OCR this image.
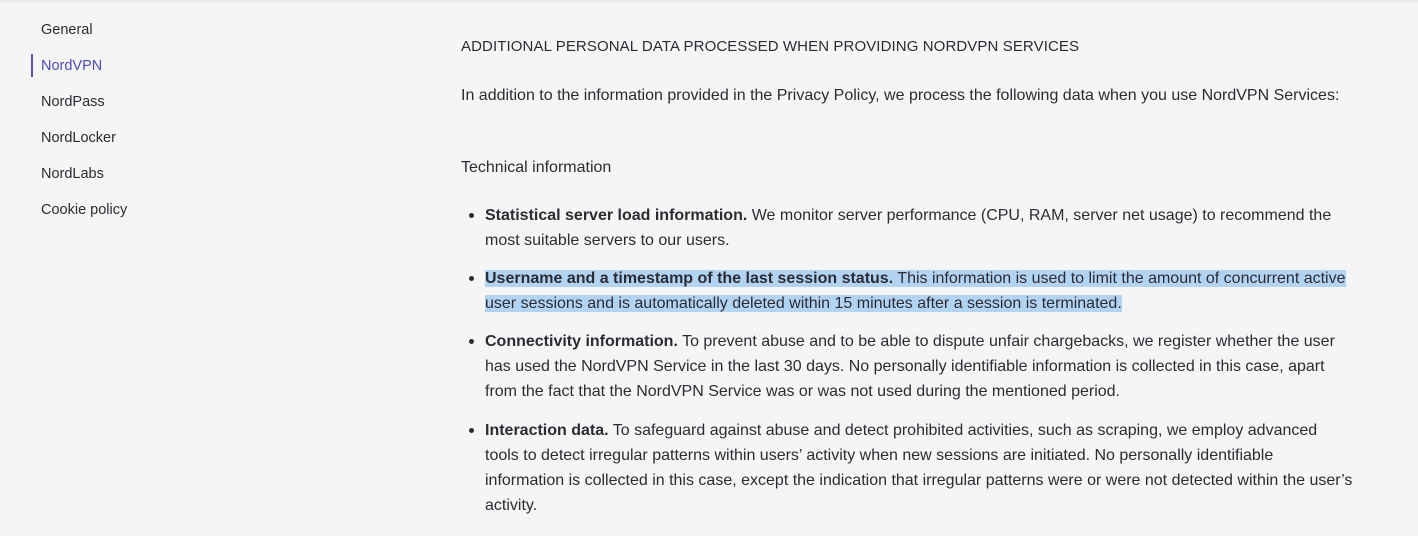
General
NordVPN
NordPass
NordLocker
NordLabs
Cookie policy
ADDITIONAL PERSONAL DATA PROCESSED WHEN PROVIDING NORDVPN SERVICES

In addition to the information provided in the Privacy Policy, we process the following data when you use NordVPN Services:

Technical information
Statistical server load information. We monitor server performance (CPU, RAM, server net usage) to recommend the most suitable servers to our users.
Username and a timestamp of the last session status. This information is used to limit the amount of concurrent active user sessions and is automatically deleted within 15 minutes after a session is terminated.
Connectivity information. To prevent abuse and to be able to dispute unfair chargebacks, we register whether the user has used the NordVPN Service in the last 30 days. No personally identifiable information is collected in this case, apart from the fact that the NordVPN Service was or was not used during the mentioned period.
Interaction data. To safeguard against abuse and detect prohibited activities, such as scraping, we employ advanced tools to detect irregular patterns within users’ activity when new sessions are initiated. No personally identifiable information is collected in this case, except the indication that irregular patterns were or were not detected within the user’s activity.
